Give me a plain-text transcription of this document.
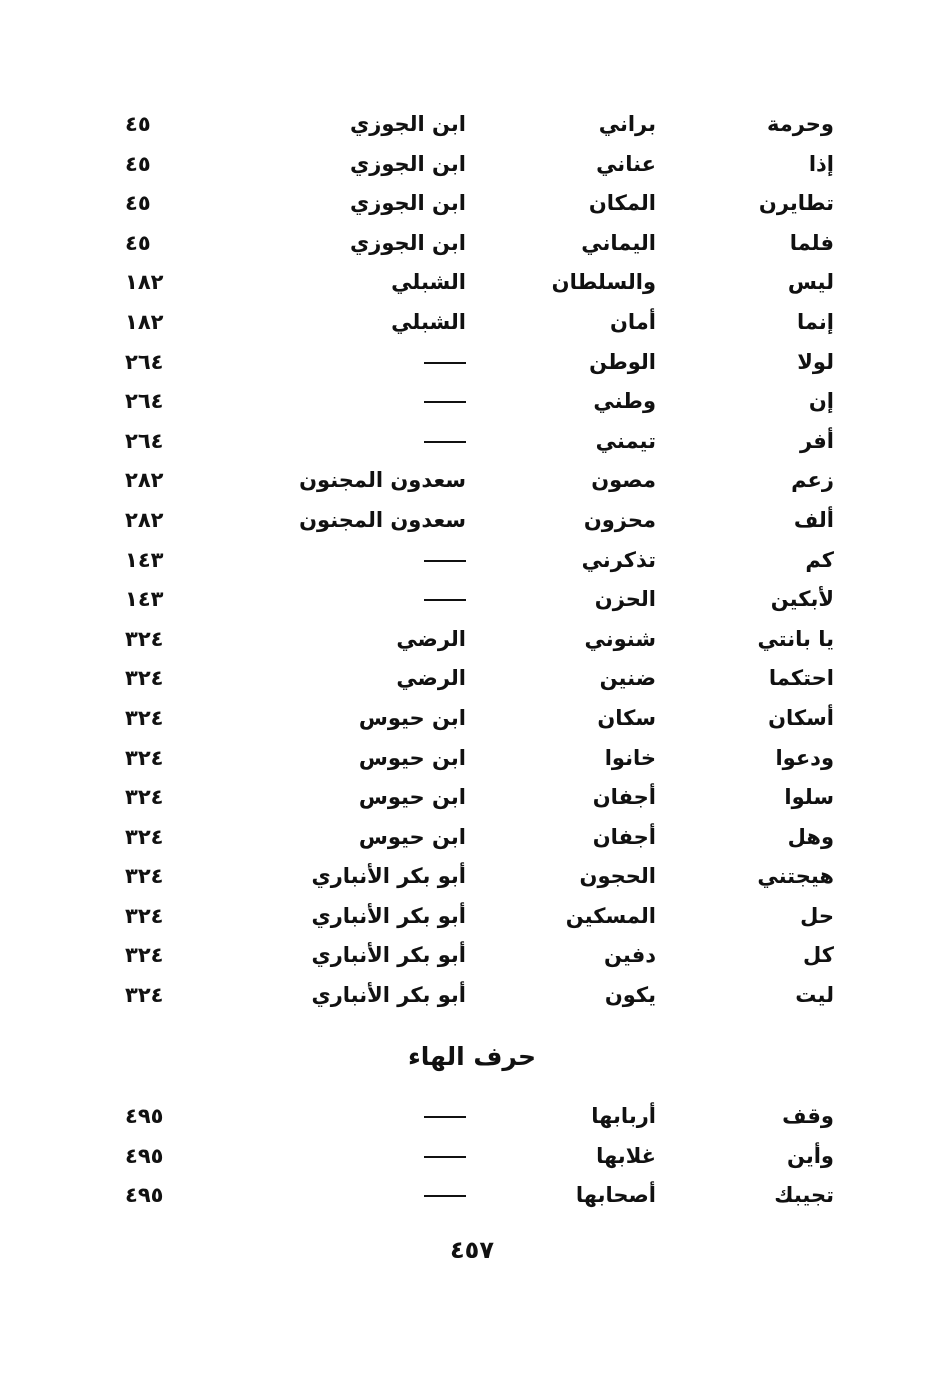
وحرمة
براني
ابن الجوزي
٤٥
إذا
عناني
ابن الجوزي
٤٥
تطايرن
المكان
ابن الجوزي
٤٥
فلما
اليماني
ابن الجوزي
٤٥
ليس
والسلطان
الشبلي
١٨٢
إنما
أمان
الشبلي
١٨٢
لولا
الوطن
٢٦٤
إن
وطني
٢٦٤
أفر
تيمني
٢٦٤
زعم
مصون
سعدون المجنون
٢٨٢
ألف
محزون
سعدون المجنون
٢٨٢
كم
تذكرني
١٤٣
لأبكين
الحزن
١٤٣
يا بانتي
شنوني
الرضي
٣٢٤
احتكما
ضنين
الرضي
٣٢٤
أسكان
سكان
ابن حيوس
٣٢٤
ودعوا
خانوا
ابن حيوس
٣٢٤
سلوا
أجفان
ابن حيوس
٣٢٤
وهل
أجفان
ابن حيوس
٣٢٤
هيجتني
الحجون
أبو بكر الأنباري
٣٢٤
حل
المسكين
أبو بكر الأنباري
٣٢٤
كل
دفين
أبو بكر الأنباري
٣٢٤
ليت
يكون
أبو بكر الأنباري
٣٢٤
حرف الهاء
وقف
أربابها
٤٩٥
وأين
غلابها
٤٩٥
تجيبك
أصحابها
٤٩٥
٤٥٧
